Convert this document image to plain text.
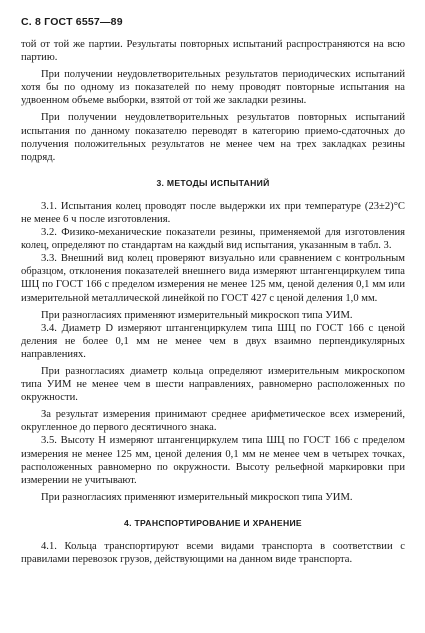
С. 8 ГОСТ 6557—89

той от той же партии. Результаты повторных испытаний распространяются на всю партию.

При получении неудовлетворительных результатов периодических испытаний хотя бы по одному из показателей по нему проводят повторные испытания на удвоенном объеме выборки, взятой от той же закладки резины.

При получении неудовлетворительных результатов повторных испытаний испытания по данному показателю переводят в категорию приемо-сдаточных до получения положительных результатов не менее чем на трех закладках резины подряд.

3. МЕТОДЫ ИСПЫТАНИЙ

3.1. Испытания колец проводят после выдержки их при температуре (23±2)°С не менее 6 ч после изготовления.

3.2. Физико-механические показатели резины, применяемой для изготовления колец, определяют по стандартам на каждый вид испытания, указанным в табл. 3.

3.3. Внешний вид колец проверяют визуально или сравнением с контрольным образцом, отклонения показателей внешнего вида измеряют штангенциркулем типа ШЦ по ГОСТ 166 с пределом измерения не менее 125 мм, ценой деления 0,1 мм или измерительной металлической линейкой по ГОСТ 427 с ценой деления 1,0 мм.

При разногласиях применяют измерительный микроскоп типа УИМ.

3.4. Диаметр D измеряют штангенциркулем типа ШЦ по ГОСТ 166 с ценой деления не более 0,1 мм не менее чем в двух взаимно перпендикулярных направлениях.

При разногласиях диаметр кольца определяют измерительным микроскопом типа УИМ не менее чем в шести направлениях, равномерно расположенных по окружности.

За результат измерения принимают среднее арифметическое всех измерений, округленное до первого десятичного знака.

3.5. Высоту H измеряют штангенциркулем типа ШЦ по ГОСТ 166 с пределом измерения не менее 125 мм, ценой деления 0,1 мм не менее чем в четырех точках, расположенных равномерно по окружности. Высоту рельефной маркировки при измерении не учитывают.

При разногласиях применяют измерительный микроскоп типа УИМ.

4. ТРАНСПОРТИРОВАНИЕ И ХРАНЕНИЕ

4.1. Кольца транспортируют всеми видами транспорта в соответствии с правилами перевозок грузов, действующими на данном виде транспорта.
